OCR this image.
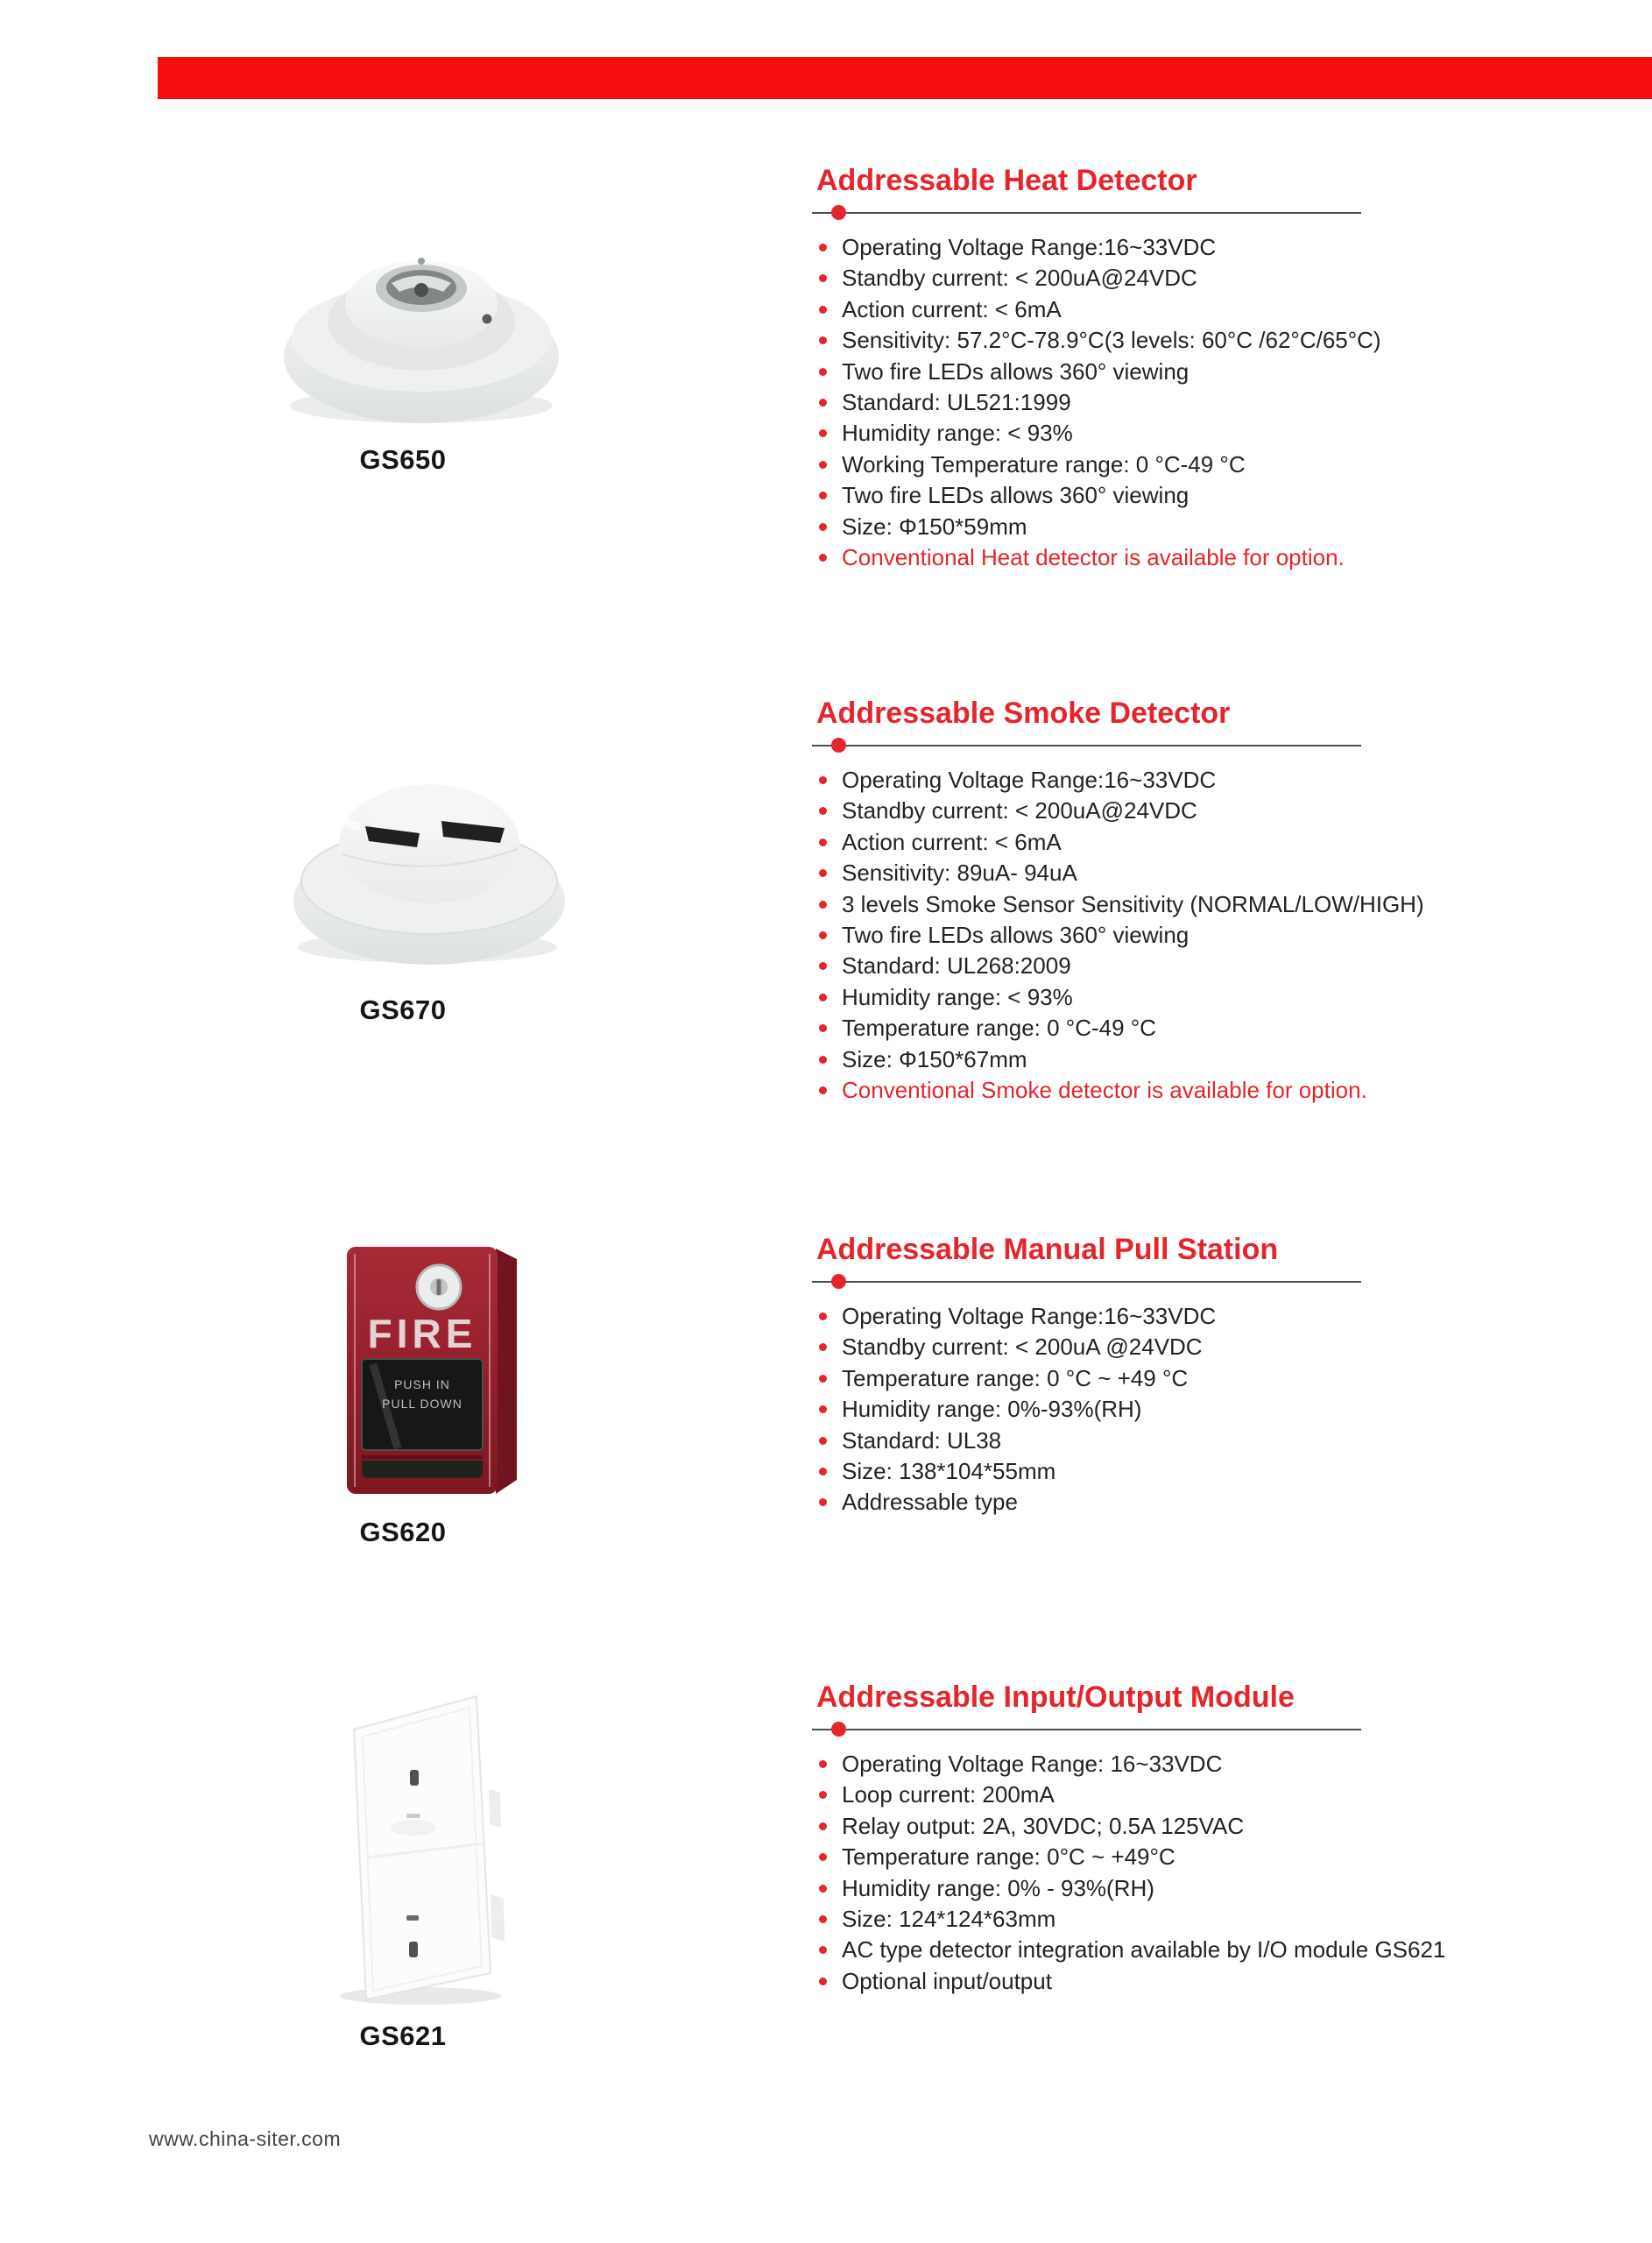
Addressable Heat Detector
Operating Voltage Range:16~33VDC
Standby current: < 200uA@24VDC
Action current: < 6mA
Sensitivity: 57.2°C-78.9°C(3 levels: 60°C /62°C/65°C)
Two fire LEDs allows 360° viewing
Standard: UL521:1999
Humidity range: < 93%
Working Temperature range: 0 °C-49 °C
Two fire LEDs allows 360° viewing
Size: Φ150*59mm
Conventional Heat detector is available for option.
GS650
Addressable Smoke Detector
Operating Voltage Range:16~33VDC
Standby current: < 200uA@24VDC
Action current: < 6mA
Sensitivity: 89uA- 94uA
3 levels Smoke Sensor Sensitivity (NORMAL/LOW/HIGH)
Two fire LEDs allows 360° viewing
Standard: UL268:2009
Humidity range: < 93%
Temperature range: 0 °C-49 °C
Size: Φ150*67mm
Conventional Smoke detector is available for option.
GS670
Addressable Manual Pull Station
Operating Voltage Range:16~33VDC
Standby current: < 200uA @24VDC
Temperature range: 0 °C ~ +49 °C
Humidity range: 0%-93%(RH)
Standard: UL38
Size: 138*104*55mm
Addressable type
FIRE
PUSH IN
PULL DOWN
GS620
Addressable Input/Output Module
Operating Voltage Range: 16~33VDC
Loop current: 200mA
Relay output: 2A, 30VDC; 0.5A 125VAC
Temperature range: 0°C ~ +49°C
Humidity range: 0% - 93%(RH)
Size: 124*124*63mm
AC type detector integration available by I/O module GS621
Optional input/output
GS621
www.china-siter.com
